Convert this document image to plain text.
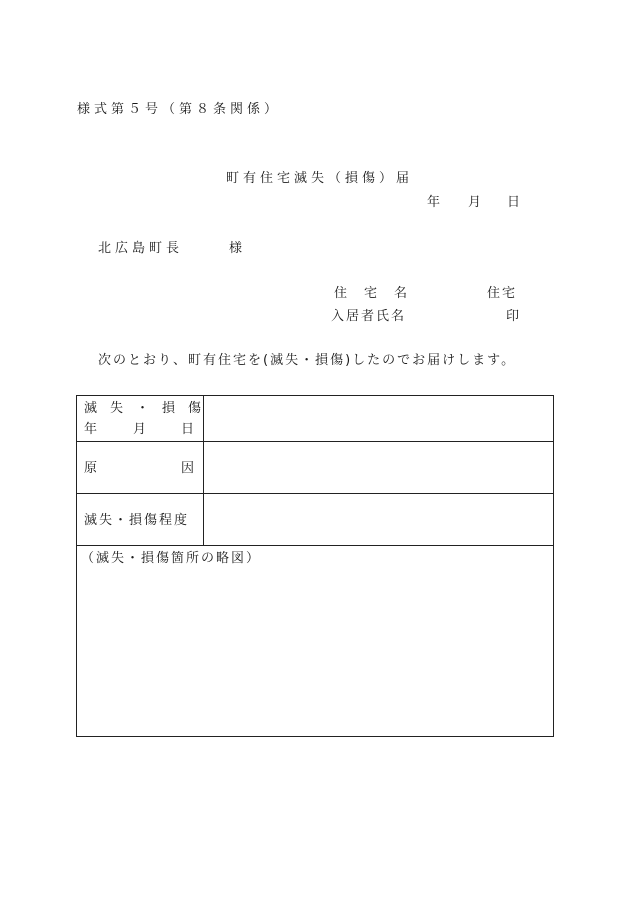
様式第５号（第８条関係）
町有住宅滅失（損傷）届
年 月 日
北広島町長	様
住　宅　名	住宅
入居者氏名	印
次のとおり、町有住宅を(滅失・損傷)したのでお届けします。
滅　失　・　損　傷
年	月	日
原	因
滅失・損傷程度
（滅失・損傷箇所の略図）
